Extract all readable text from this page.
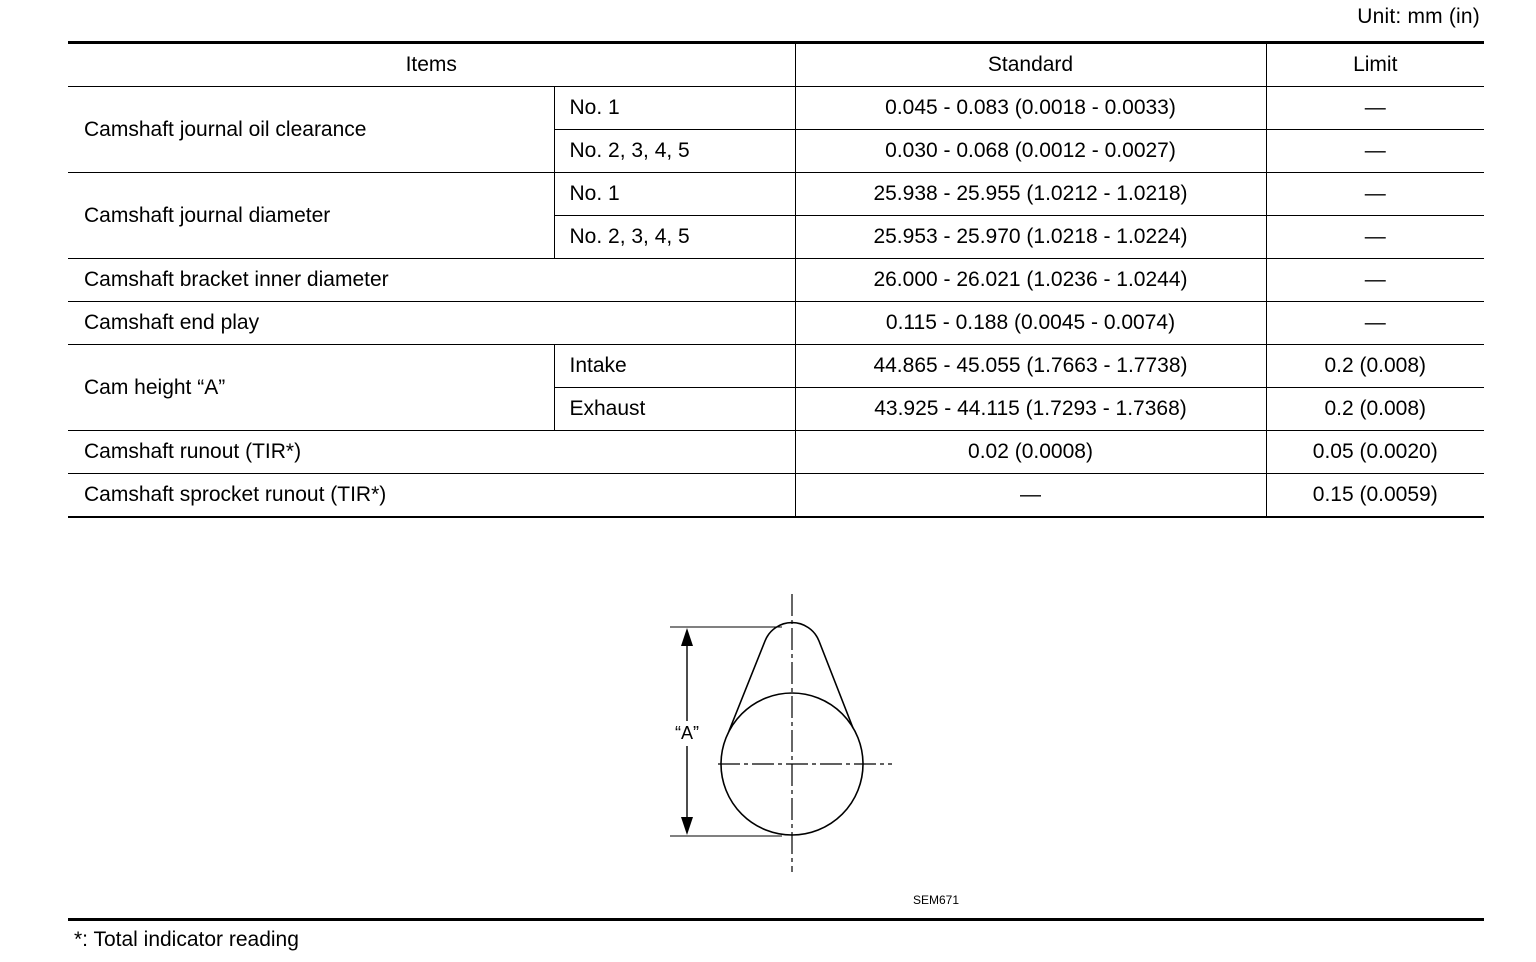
Unit: mm (in)
Items		Standard	Limit
Camshaft journal oil clearance	No. 1	0.045 - 0.083 (0.0018 - 0.0033)	—
	No. 2, 3, 4, 5	0.030 - 0.068 (0.0012 - 0.0027)	—
Camshaft journal diameter	No. 1	25.938 - 25.955 (1.0212 - 1.0218)	—
	No. 2, 3, 4, 5	25.953 - 25.970 (1.0218 - 1.0224)	—
Camshaft bracket inner diameter		26.000 - 26.021 (1.0236 - 1.0244)	—
Camshaft end play		0.115 - 0.188 (0.0045 - 0.0074)	—
Cam height “A”	Intake	44.865 - 45.055 (1.7663 - 1.7738)	0.2 (0.008)
	Exhaust	43.925 - 44.115 (1.7293 - 1.7368)	0.2 (0.008)
Camshaft runout (TIR*)		0.02 (0.0008)	0.05 (0.0020)
Camshaft sprocket runout (TIR*)		—	0.15 (0.0059)
“A”
SEM671
*: Total indicator reading
